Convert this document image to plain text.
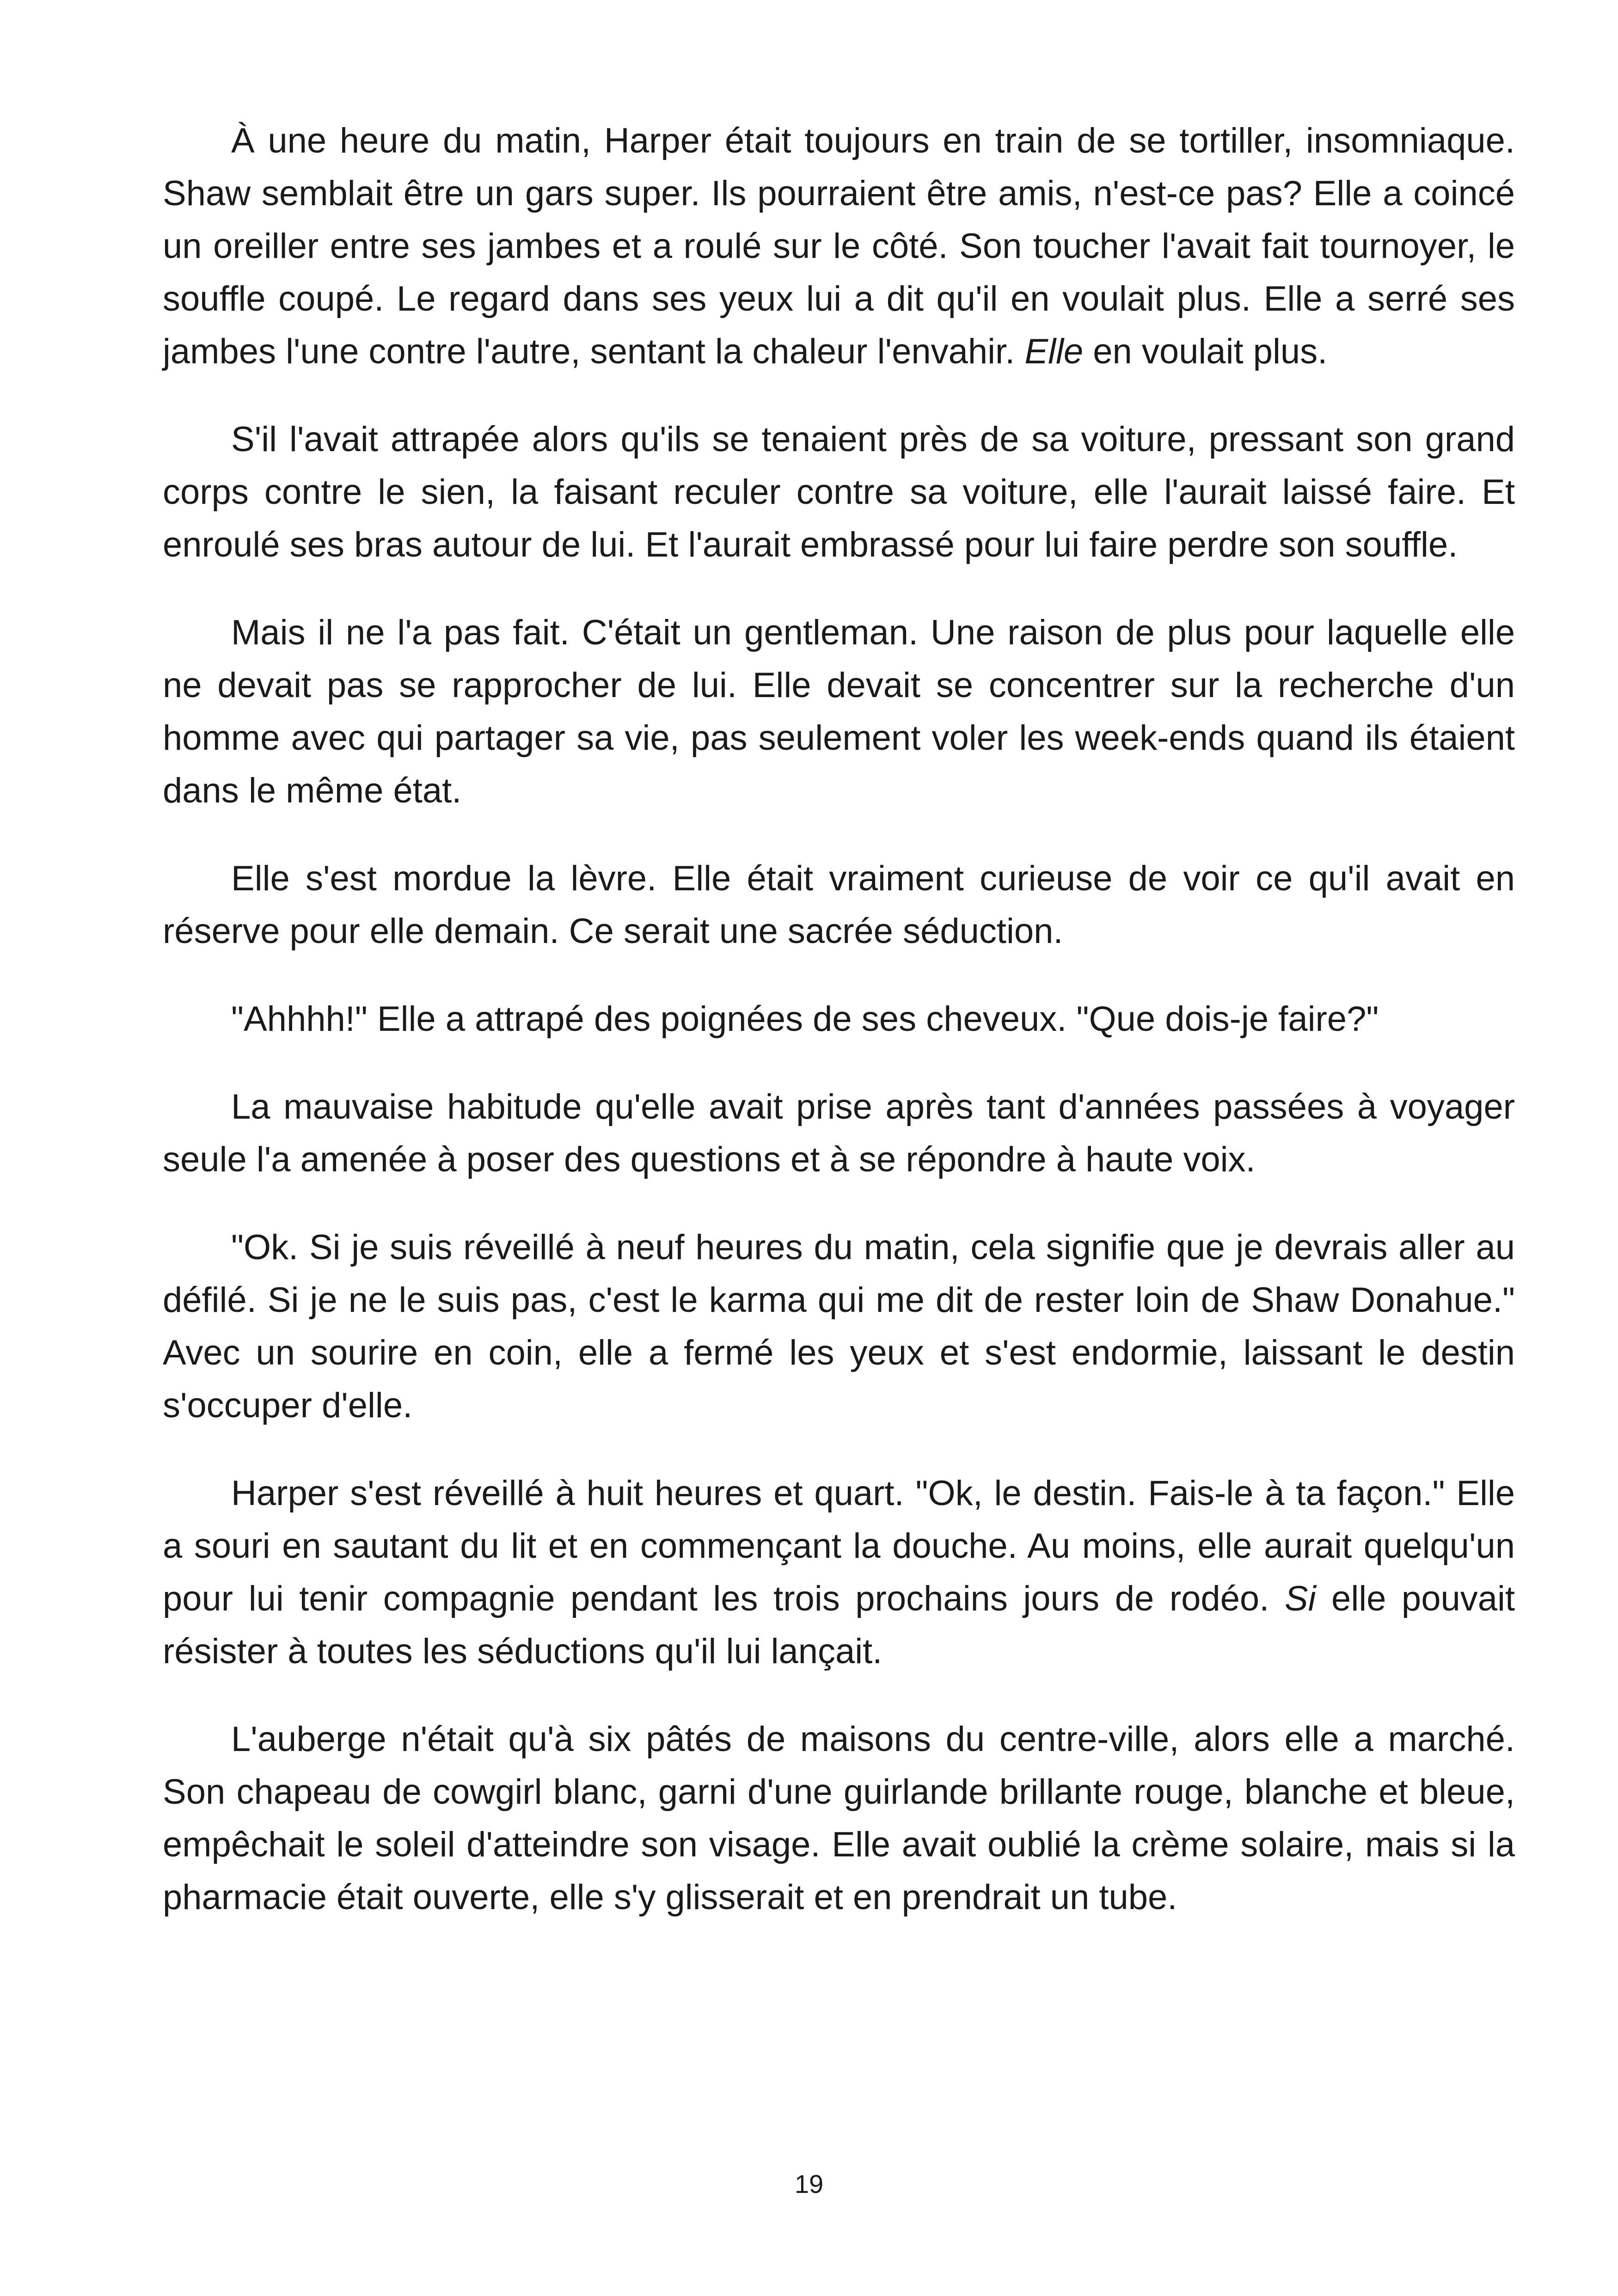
À une heure du matin, Harper était toujours en train de se tortiller, insomniaque. Shaw semblait être un gars super. Ils pourraient être amis, n'est-ce pas? Elle a coincé un oreiller entre ses jambes et a roulé sur le côté. Son toucher l'avait fait tournoyer, le souffle coupé. Le regard dans ses yeux lui a dit qu'il en voulait plus. Elle a serré ses jambes l'une contre l'autre, sentant la chaleur l'envahir. Elle en voulait plus.

S'il l'avait attrapée alors qu'ils se tenaient près de sa voiture, pressant son grand corps contre le sien, la faisant reculer contre sa voiture, elle l'aurait laissé faire. Et enroulé ses bras autour de lui. Et l'aurait embrassé pour lui faire perdre son souffle.

Mais il ne l'a pas fait. C'était un gentleman. Une raison de plus pour laquelle elle ne devait pas se rapprocher de lui. Elle devait se concentrer sur la recherche d'un homme avec qui partager sa vie, pas seulement voler les week-ends quand ils étaient dans le même état.

Elle s'est mordue la lèvre. Elle était vraiment curieuse de voir ce qu'il avait en réserve pour elle demain. Ce serait une sacrée séduction.

"Ahhhh!" Elle a attrapé des poignées de ses cheveux. "Que dois-je faire?"

La mauvaise habitude qu'elle avait prise après tant d'années passées à voyager seule l'a amenée à poser des questions et à se répondre à haute voix.

"Ok. Si je suis réveillé à neuf heures du matin, cela signifie que je devrais aller au défilé. Si je ne le suis pas, c'est le karma qui me dit de rester loin de Shaw Donahue." Avec un sourire en coin, elle a fermé les yeux et s'est endormie, laissant le destin s'occuper d'elle.

Harper s'est réveillé à huit heures et quart. "Ok, le destin. Fais-le à ta façon." Elle a souri en sautant du lit et en commençant la douche. Au moins, elle aurait quelqu'un pour lui tenir compagnie pendant les trois prochains jours de rodéo. Si elle pouvait résister à toutes les séductions qu'il lui lançait.

L'auberge n'était qu'à six pâtés de maisons du centre-ville, alors elle a marché. Son chapeau de cowgirl blanc, garni d'une guirlande brillante rouge, blanche et bleue, empêchait le soleil d'atteindre son visage. Elle avait oublié la crème solaire, mais si la pharmacie était ouverte, elle s'y glisserait et en prendrait un tube.

19
